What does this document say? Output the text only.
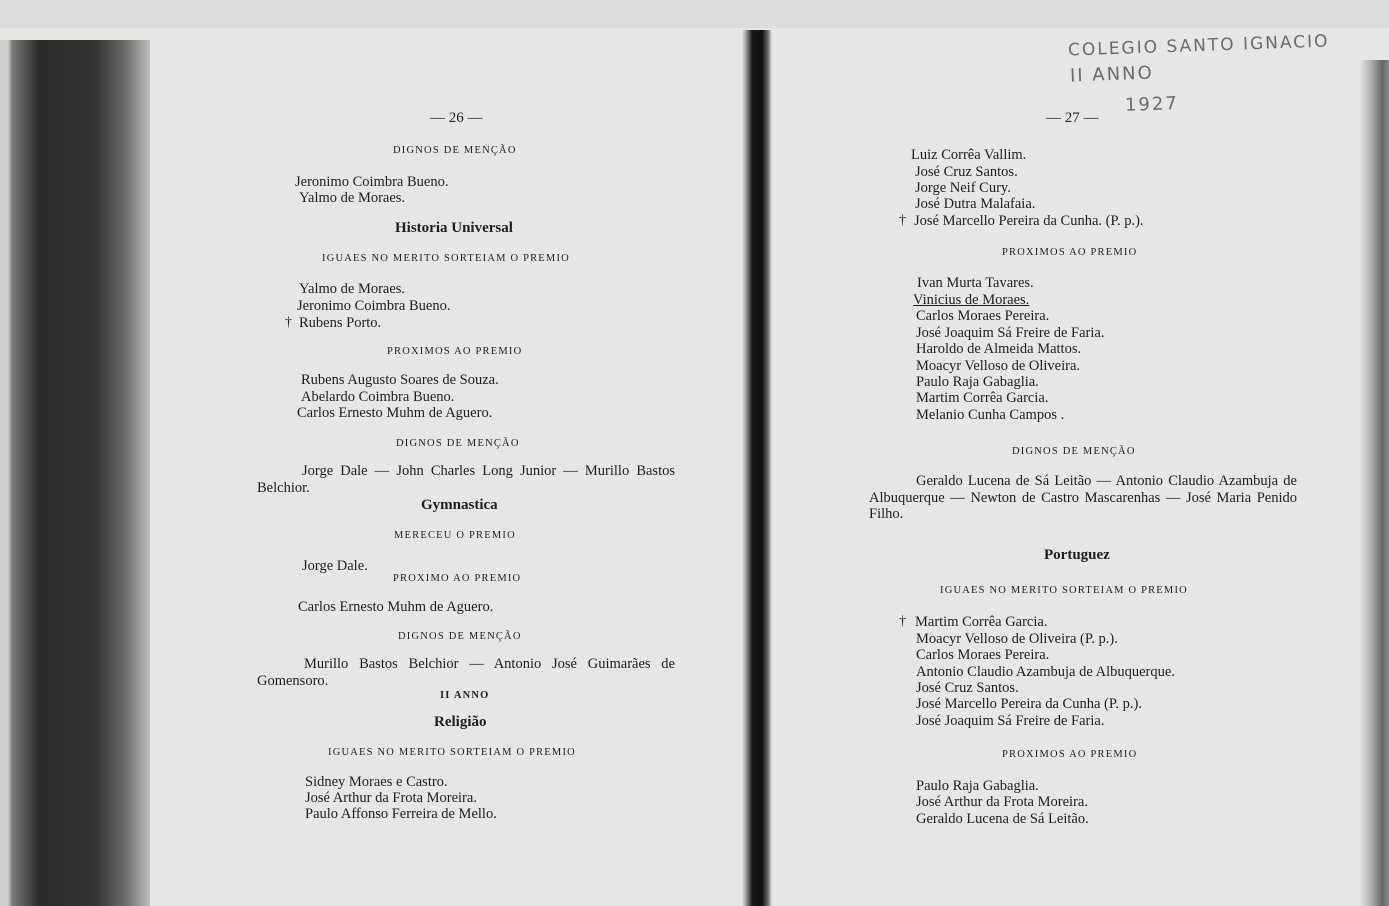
COLEGIO SANTO IGNACIO
II ANNO
1927
— 26 —
DIGNOS DE MENÇÃO
Jeronimo Coimbra Bueno.
Yalmo de Moraes.
Historia Universal
IGUAES NO MERITO SORTEIAM O PREMIO
Yalmo de Moraes.
Jeronimo Coimbra Bueno.
† Rubens Porto.
PROXIMOS AO PREMIO
Rubens Augusto Soares de Souza.
Abelardo Coimbra Bueno.
Carlos Ernesto Muhm de Aguero.
DIGNOS DE MENÇÃO
Jorge Dale — John Charles Long Junior — Murillo Bastos Belchior.
Gymnastica
MERECEU O PREMIO
Jorge Dale.
PROXIMO AO PREMIO
Carlos Ernesto Muhm de Aguero.
DIGNOS DE MENÇÃO
Murillo Bastos Belchior — Antonio José Guimarães de Gomensoro.
II ANNO
Religião
IGUAES NO MERITO SORTEIAM O PREMIO
Sidney Moraes e Castro.
José Arthur da Frota Moreira.
Paulo Affonso Ferreira de Mello.
— 27 —
Luiz Corrêa Vallim.
José Cruz Santos.
Jorge Neif Cury.
José Dutra Malafaia.
† José Marcello Pereira da Cunha. (P. p.).
PROXIMOS AO PREMIO
Ivan Murta Tavares.
Vinicius de Moraes.
Carlos Moraes Pereira.
José Joaquim Sá Freire de Faria.
Haroldo de Almeida Mattos.
Moacyr Velloso de Oliveira.
Paulo Raja Gabaglia.
Martim Corrêa Garcia.
Melanio Cunha Campos .
DIGNOS DE MENÇÃO
Geraldo Lucena de Sá Leitão — Antonio Claudio Azambuja de Albuquerque — Newton de Castro Mascarenhas — José Maria Penido Filho.
Portuguez
IGUAES NO MERITO SORTEIAM O PREMIO
† Martim Corrêa Garcia.
Moacyr Velloso de Oliveira (P. p.).
Carlos Moraes Pereira.
Antonio Claudio Azambuja de Albuquerque.
José Cruz Santos.
José Marcello Pereira da Cunha (P. p.).
José Joaquim Sá Freire de Faria.
PROXIMOS AO PREMIO
Paulo Raja Gabaglia.
José Arthur da Frota Moreira.
Geraldo Lucena de Sá Leitão.
